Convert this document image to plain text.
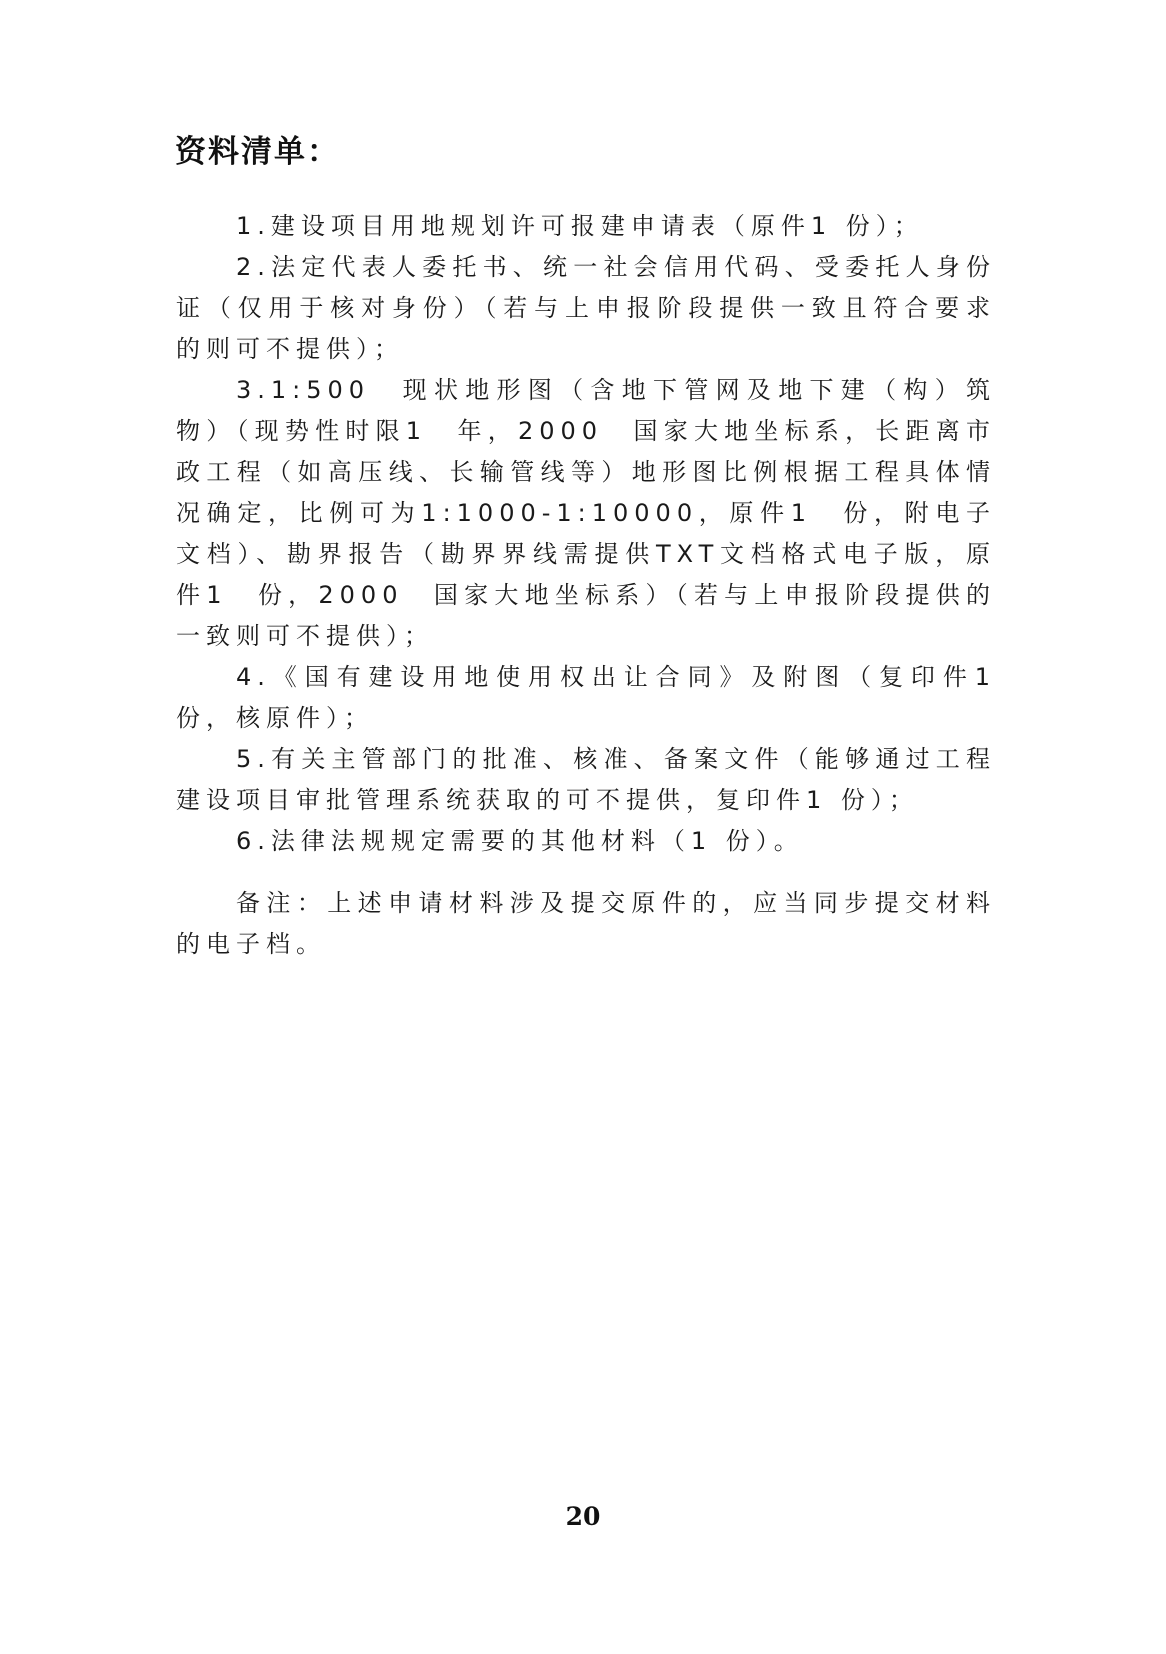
资料清单：

1.建设项目用地规划许可报建申请表（原件1 份）；

2.法定代表人委托书、统一社会信用代码、受委托人身份证（仅用于核对身份）（若与上申报阶段提供一致且符合要求的则可不提供）；

3.1:500　现状地形图（含地下管网及地下建（构）筑物）（现势性时限1　年，2000　国家大地坐标系，长距离市政工程（如高压线、长输管线等）地形图比例根据工程具体情况确定，比例可为1:1000-1:10000，原件1　份，附电子文档）、勘界报告（勘界界线需提供TXT文档格式电子版，原件1　份，2000　国家大地坐标系）（若与上申报阶段提供的一致则可不提供）；

4.《国有建设用地使用权出让合同》及附图（复印件1份，核原件）；

5.有关主管部门的批准、核准、备案文件（能够通过工程建设项目审批管理系统获取的可不提供，复印件1 份）；

6.法律法规规定需要的其他材料（1 份）。

备注：上述申请材料涉及提交原件的，应当同步提交材料的电子档。

20
